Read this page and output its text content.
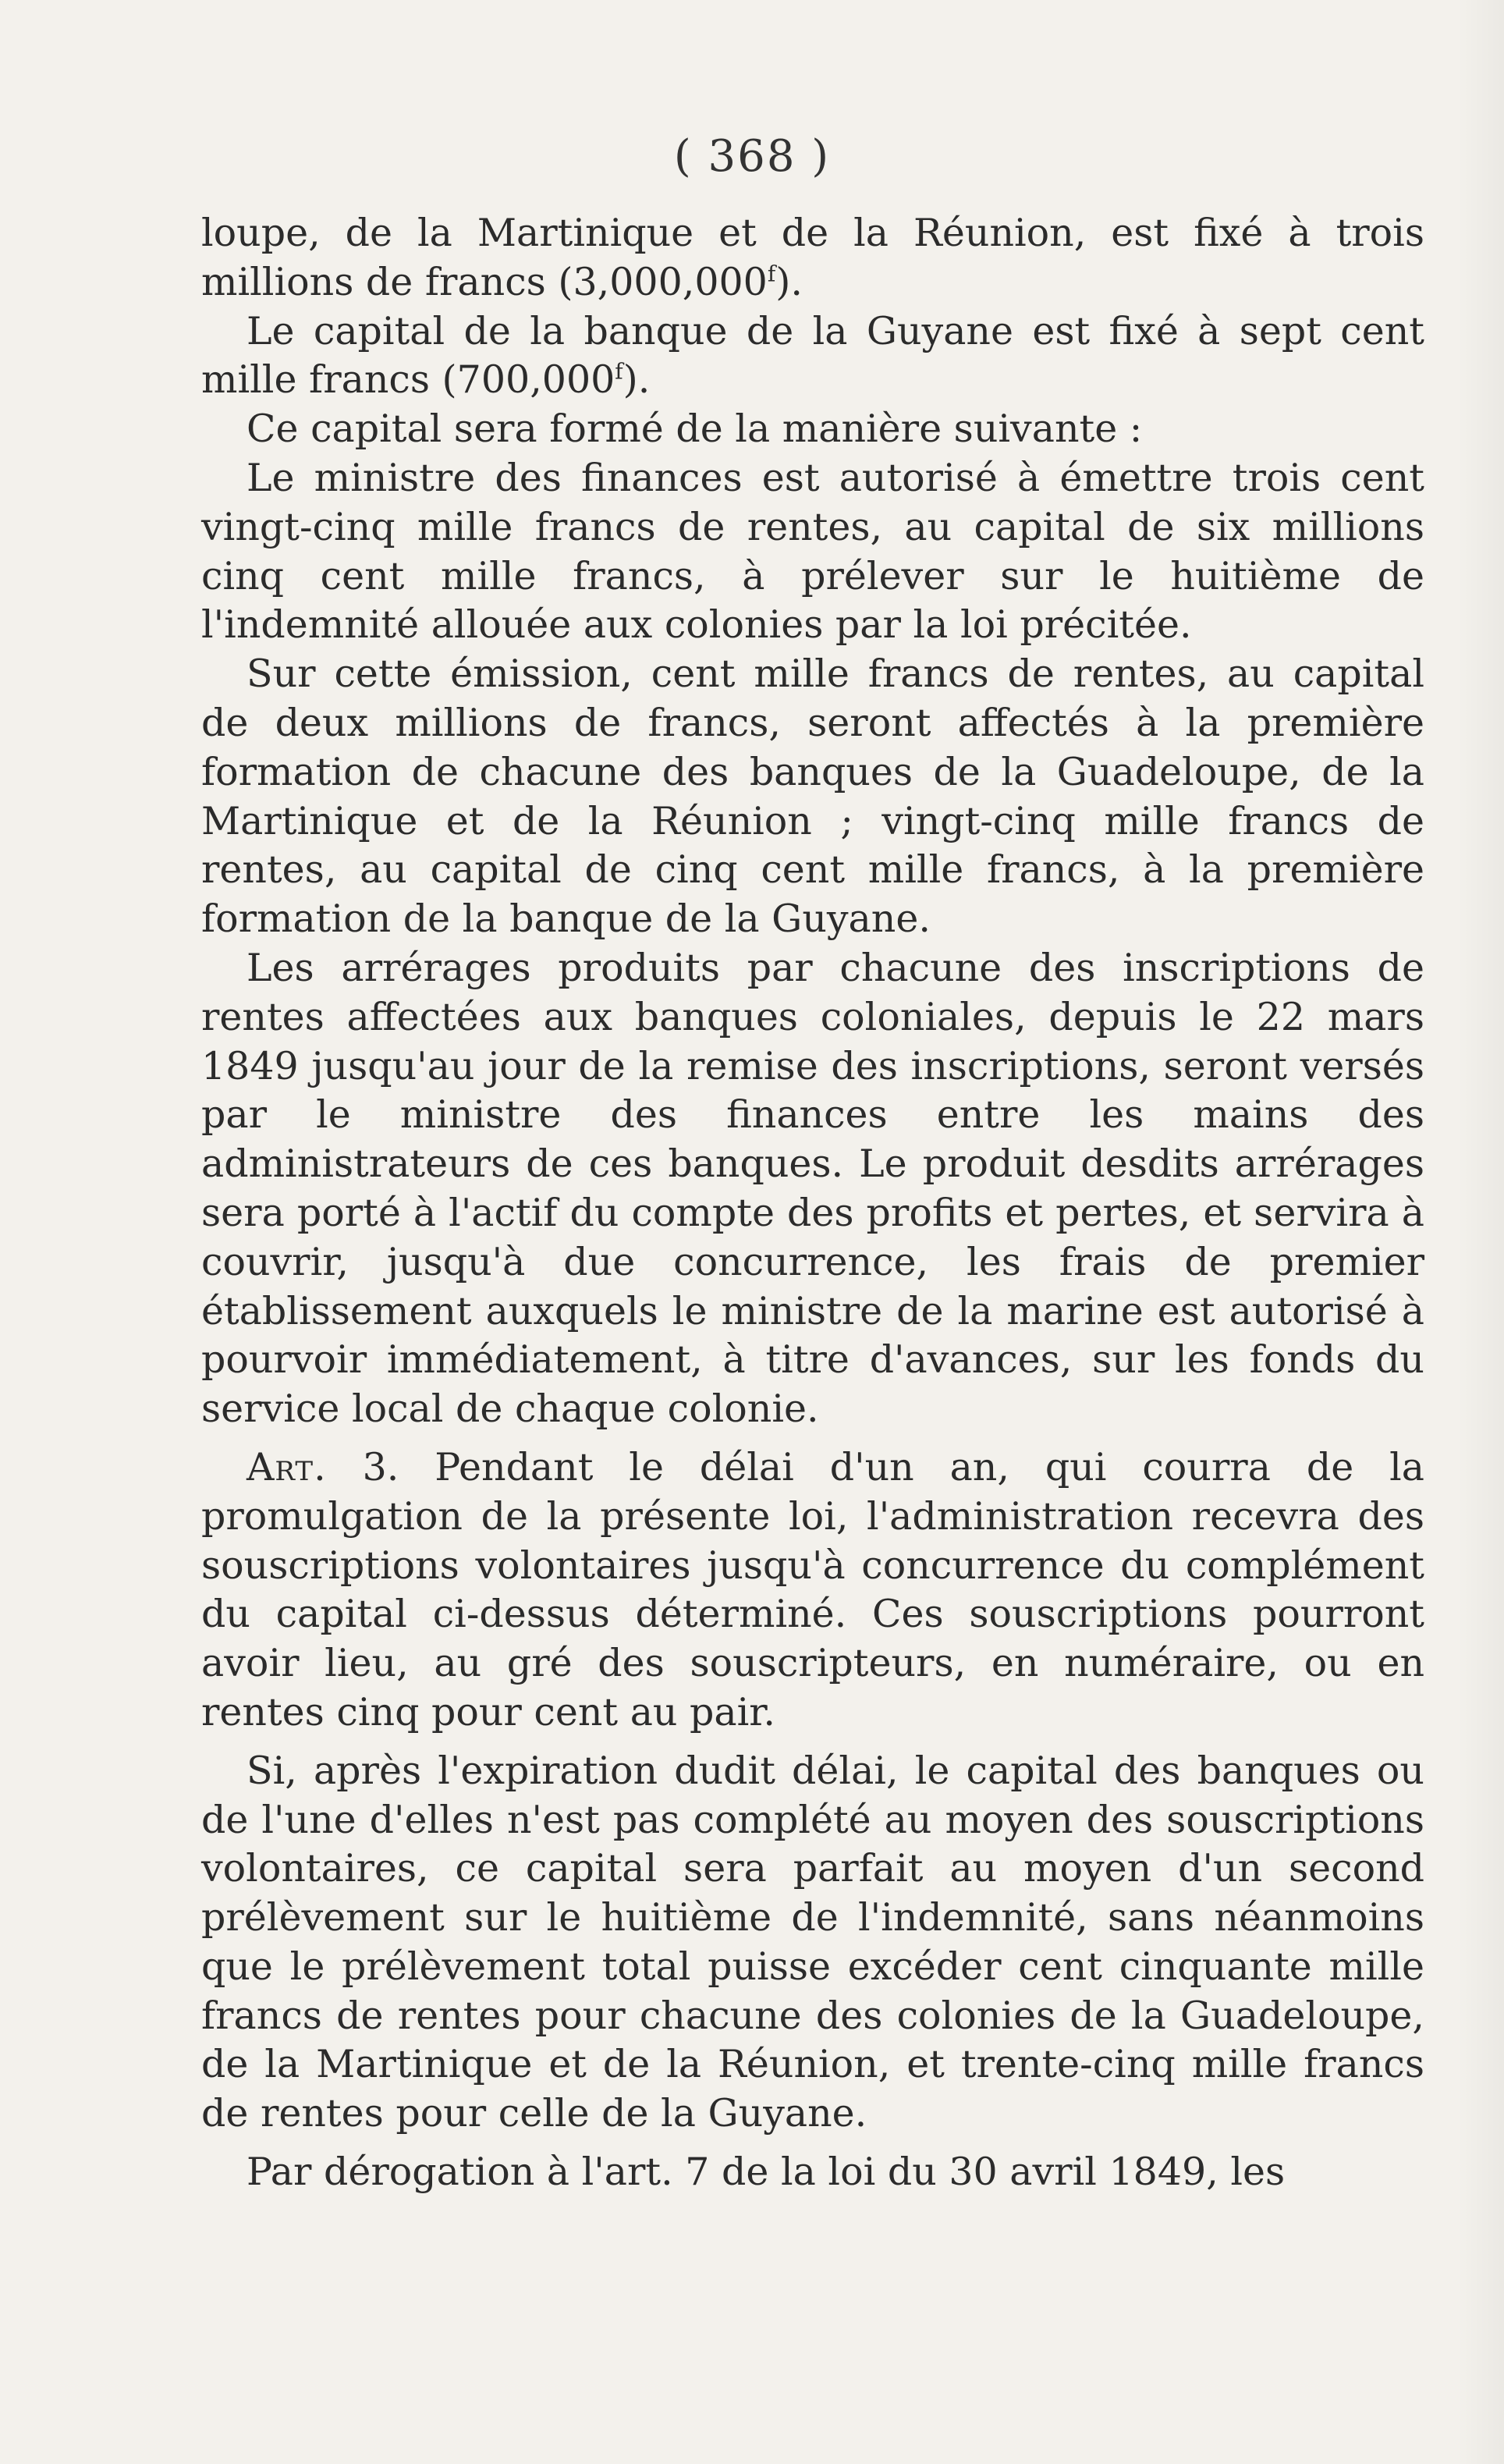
( 368 )

loupe, de la Martinique et de la Réunion, est fixé à trois millions de francs (3,000,000$^f$).

Le capital de la banque de la Guyane est fixé à sept cent mille francs (700,000$^f$).

Ce capital sera formé de la manière suivante :

Le ministre des finances est autorisé à émettre trois cent vingt-cinq mille francs de rentes, au capital de six millions cinq cent mille francs, à prélever sur le huitième de l'indemnité allouée aux colonies par la loi précitée.

Sur cette émission, cent mille francs de rentes, au capital de deux millions de francs, seront affectés à la première formation de chacune des banques de la Guadeloupe, de la Martinique et de la Réunion ; vingt-cinq mille francs de rentes, au capital de cinq cent mille francs, à la première formation de la banque de la Guyane.

Les arrérages produits par chacune des inscriptions de rentes affectées aux banques coloniales, depuis le 22 mars 1849 jusqu'au jour de la remise des inscriptions, seront versés par le ministre des finances entre les mains des administrateurs de ces banques. Le produit desdits arrérages sera porté à l'actif du compte des profits et pertes, et servira à couvrir, jusqu'à due concurrence, les frais de premier établissement auxquels le ministre de la marine est autorisé à pourvoir immédiatement, à titre d'avances, sur les fonds du service local de chaque colonie.

Art. 3. Pendant le délai d'un an, qui courra de la promulgation de la présente loi, l'administration recevra des souscriptions volontaires jusqu'à concurrence du complément du capital ci-dessus déterminé. Ces souscriptions pourront avoir lieu, au gré des souscripteurs, en numéraire, ou en rentes cinq pour cent au pair.

Si, après l'expiration dudit délai, le capital des banques ou de l'une d'elles n'est pas complété au moyen des souscriptions volontaires, ce capital sera parfait au moyen d'un second prélèvement sur le huitième de l'indemnité, sans néanmoins que le prélèvement total puisse excéder cent cinquante mille francs de rentes pour chacune des colonies de la Guadeloupe, de la Martinique et de la Réunion, et trente-cinq mille francs de rentes pour celle de la Guyane.

Par dérogation à l'art. 7 de la loi du 30 avril 1849, les
